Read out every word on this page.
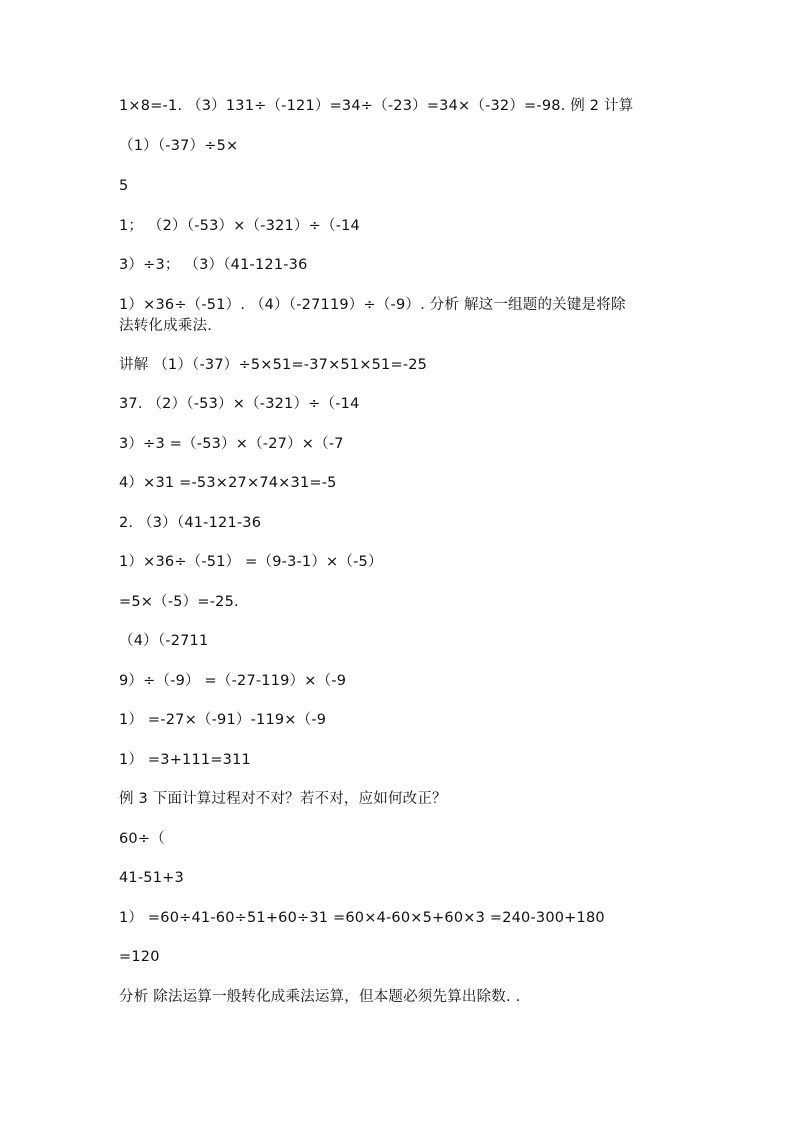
1×8=-1. （3）131÷（-121）=34÷（-23）=34×（-32）=-98. 例 2 计算
（1）（-37）÷5×
5
1； （2）（-53）×（-321）÷（-14
3）÷3； （3）（41-121-36
1）×36÷（-51）. （4）（-27119）÷（-9）. 分析 解这一组题的关键是将除
法转化成乘法.
讲解 （1）（-37）÷5×51=-37×51×51=-25
37. （2）（-53）×（-321）÷（-14
3）÷3 =（-53）×（-27）×（-7
4）×31 =-53×27×74×31=-5
2. （3）（41-121-36
1）×36÷（-51） =（9-3-1）×（-5）
=5×（-5）=-25.
（4）（-2711
9）÷（-9） =（-27-119）×（-9
1） =-27×（-91）-119×（-9
1） =3+111=311
例 3 下面计算过程对不对？若不对，应如何改正？
60÷（
41-51+3
1） =60÷41-60÷51+60÷31 =60×4-60×5+60×3 =240-300+180
=120
分析 除法运算一般转化成乘法运算，但本题必须先算出除数. .
